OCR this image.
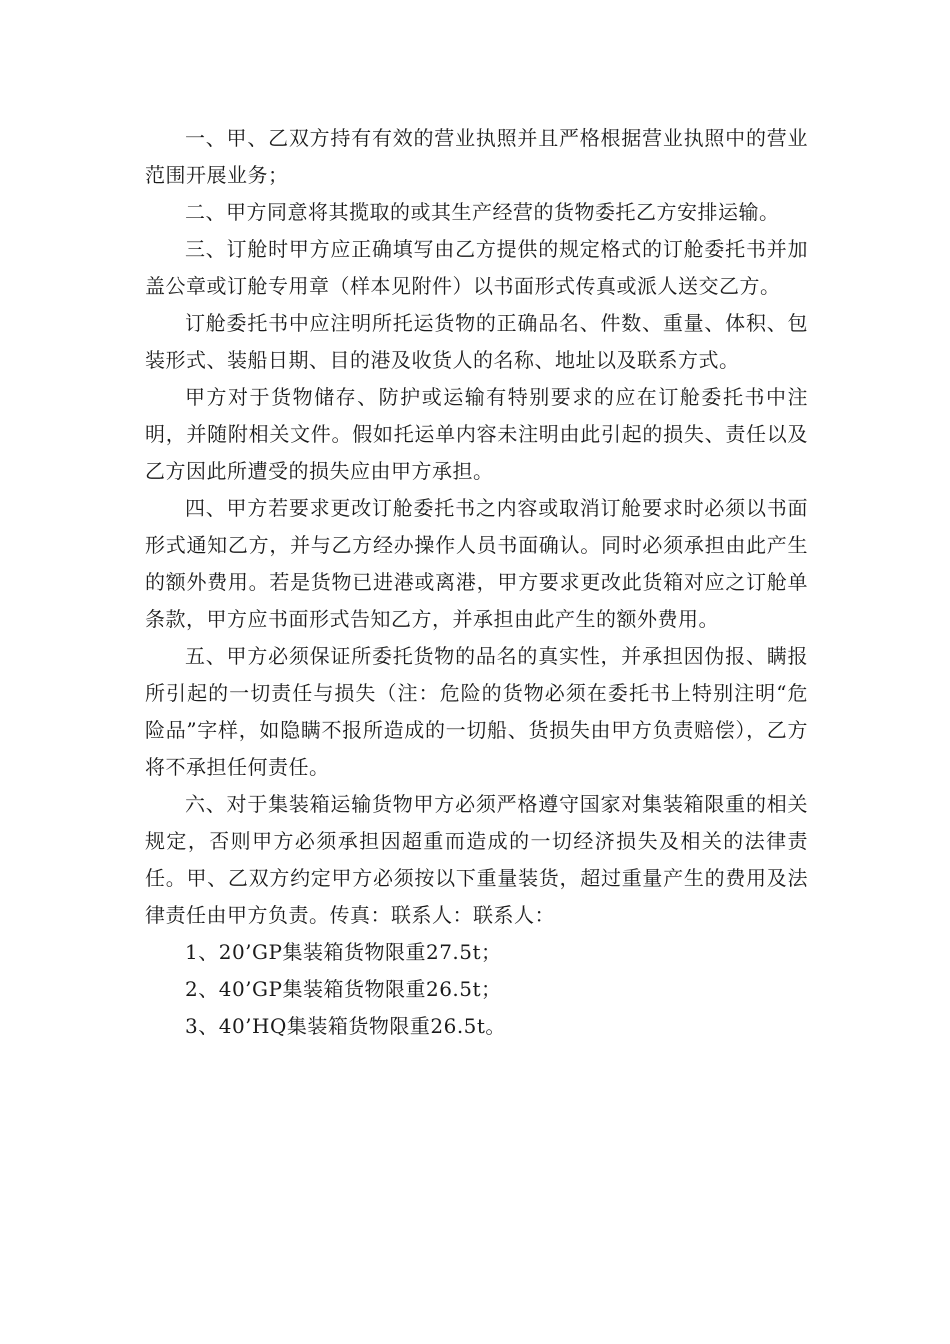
一、甲、乙双方持有有效的营业执照并且严格根据营业执照中的营业范围开展业务；

二、甲方同意将其揽取的或其生产经营的货物委托乙方安排运输。

三、订舱时甲方应正确填写由乙方提供的规定格式的订舱委托书并加盖公章或订舱专用章（样本见附件）以书面形式传真或派人送交乙方。

订舱委托书中应注明所托运货物的正确品名、件数、重量、体积、包装形式、装船日期、目的港及收货人的名称、地址以及联系方式。

甲方对于货物储存、防护或运输有特别要求的应在订舱委托书中注明，并随附相关文件。假如托运单内容未注明由此引起的损失、责任以及乙方因此所遭受的损失应由甲方承担。

四、甲方若要求更改订舱委托书之内容或取消订舱要求时必须以书面形式通知乙方，并与乙方经办操作人员书面确认。同时必须承担由此产生的额外费用。若是货物已进港或离港，甲方要求更改此货箱对应之订舱单条款，甲方应书面形式告知乙方，并承担由此产生的额外费用。

五、甲方必须保证所委托货物的品名的真实性，并承担因伪报、瞒报所引起的一切责任与损失（注：危险的货物必须在委托书上特别注明“危险品”字样，如隐瞒不报所造成的一切船、货损失由甲方负责赔偿），乙方将不承担任何责任。

六、对于集装箱运输货物甲方必须严格遵守国家对集装箱限重的相关规定，否则甲方必须承担因超重而造成的一切经济损失及相关的法律责任。甲、乙双方约定甲方必须按以下重量装货，超过重量产生的费用及法律责任由甲方负责。传真：联系人：联系人：

1、20’GP集装箱货物限重27.5t；

2、40’GP集装箱货物限重26.5t；

3、40’HQ集装箱货物限重26.5t。
